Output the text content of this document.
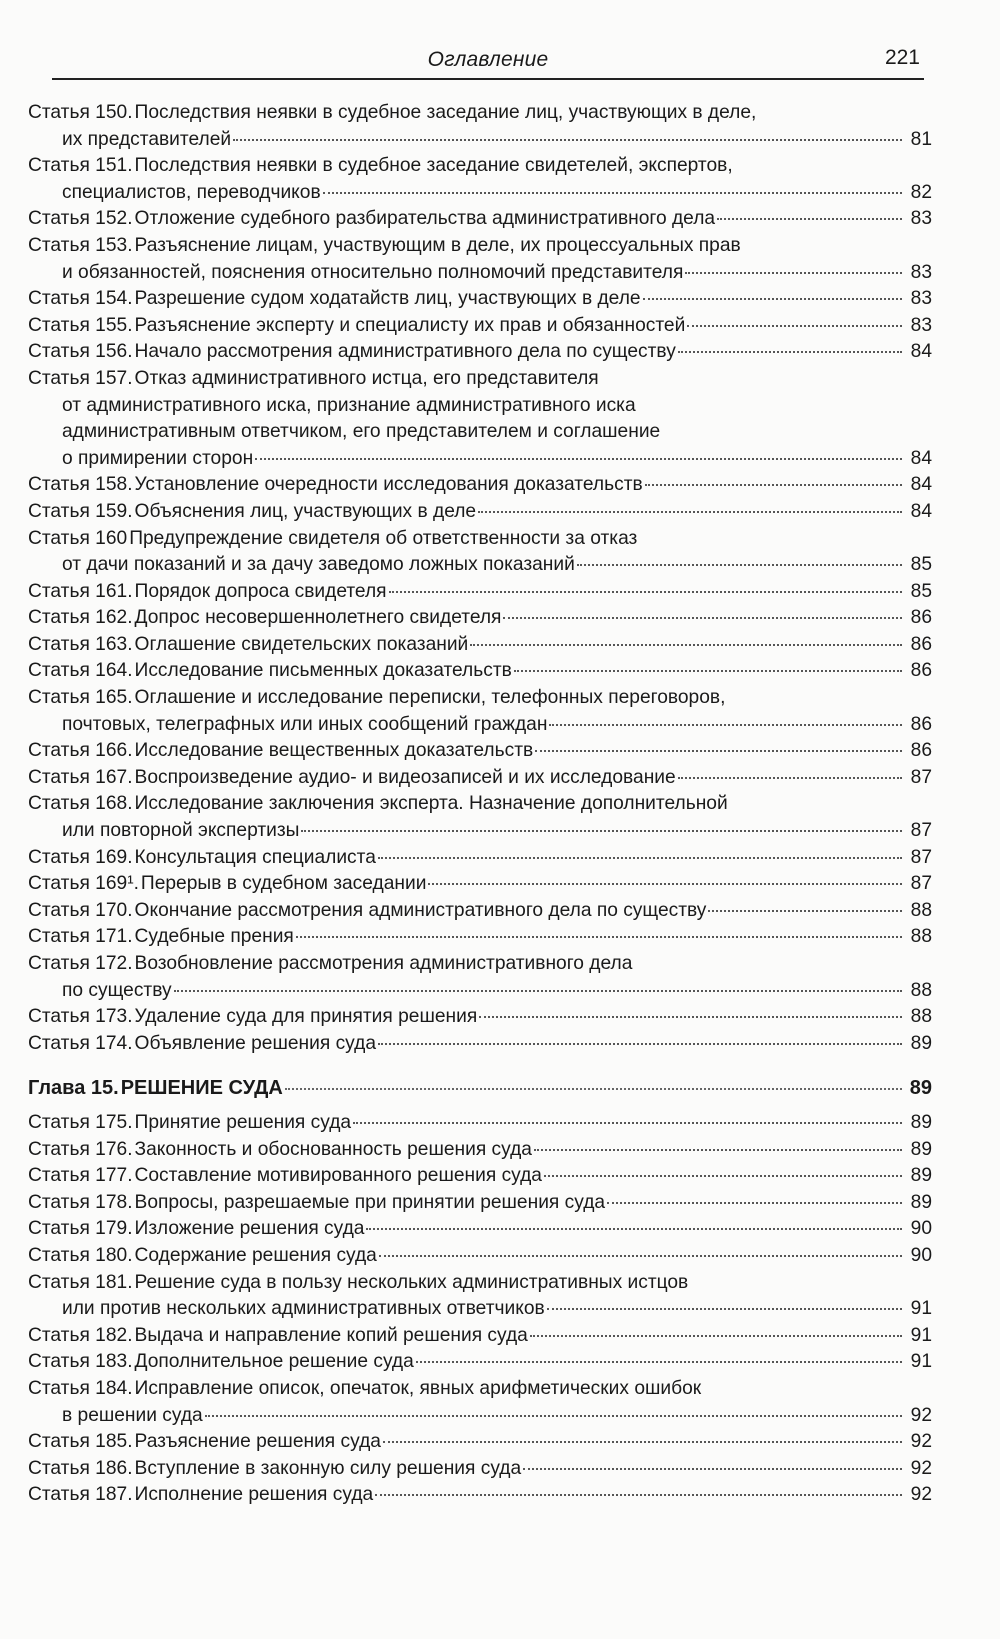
Оглавление	221
Статья 150. Последствия неявки в судебное заседание лиц, участвующих в деле,
их представителей	81
Статья 151. Последствия неявки в судебное заседание свидетелей, экспертов,
специалистов, переводчиков	82
Статья 152. Отложение судебного разбирательства административного дела	83
Статья 153. Разъяснение лицам, участвующим в деле, их процессуальных прав
и обязанностей, пояснения относительно полномочий представителя	83
Статья 154. Разрешение судом ходатайств лиц, участвующих в деле	83
Статья 155. Разъяснение эксперту и специалисту их прав и обязанностей	83
Статья 156. Начало рассмотрения административного дела по существу	84
Статья 157. Отказ административного истца, его представителя
от административного иска, признание административного иска
административным ответчиком, его представителем и соглашение
о примирении сторон	84
Статья 158. Установление очередности исследования доказательств	84
Статья 159. Объяснения лиц, участвующих в деле	84
Статья 160 Предупреждение свидетеля об ответственности за отказ
от дачи показаний и за дачу заведомо ложных показаний	85
Статья 161. Порядок допроса свидетеля	85
Статья 162. Допрос несовершеннолетнего свидетеля	86
Статья 163. Оглашение свидетельских показаний	86
Статья 164. Исследование письменных доказательств	86
Статья 165. Оглашение и исследование переписки, телефонных переговоров,
почтовых, телеграфных или иных сообщений граждан	86
Статья 166. Исследование вещественных доказательств	86
Статья 167. Воспроизведение аудио- и видеозаписей и их исследование	87
Статья 168. Исследование заключения эксперта. Назначение дополнительной
или повторной экспертизы	87
Статья 169. Консультация специалиста	87
Статья 169¹. Перерыв в судебном заседании	87
Статья 170. Окончание рассмотрения административного дела по существу	88
Статья 171. Судебные прения	88
Статья 172. Возобновление рассмотрения административного дела
по существу	88
Статья 173. Удаление суда для принятия решения	88
Статья 174. Объявление решения суда	89
Глава 15. РЕШЕНИЕ СУДА	89
Статья 175. Принятие решения суда	89
Статья 176. Законность и обоснованность решения суда	89
Статья 177. Составление мотивированного решения суда	89
Статья 178. Вопросы, разрешаемые при принятии решения суда	89
Статья 179. Изложение решения суда	90
Статья 180. Содержание решения суда	90
Статья 181. Решение суда в пользу нескольких административных истцов
или против нескольких административных ответчиков	91
Статья 182. Выдача и направление копий решения суда	91
Статья 183. Дополнительное решение суда	91
Статья 184. Исправление описок, опечаток, явных арифметических ошибок
в решении суда	92
Статья 185. Разъяснение решения суда	92
Статья 186. Вступление в законную силу решения суда	92
Статья 187. Исполнение решения суда	92
